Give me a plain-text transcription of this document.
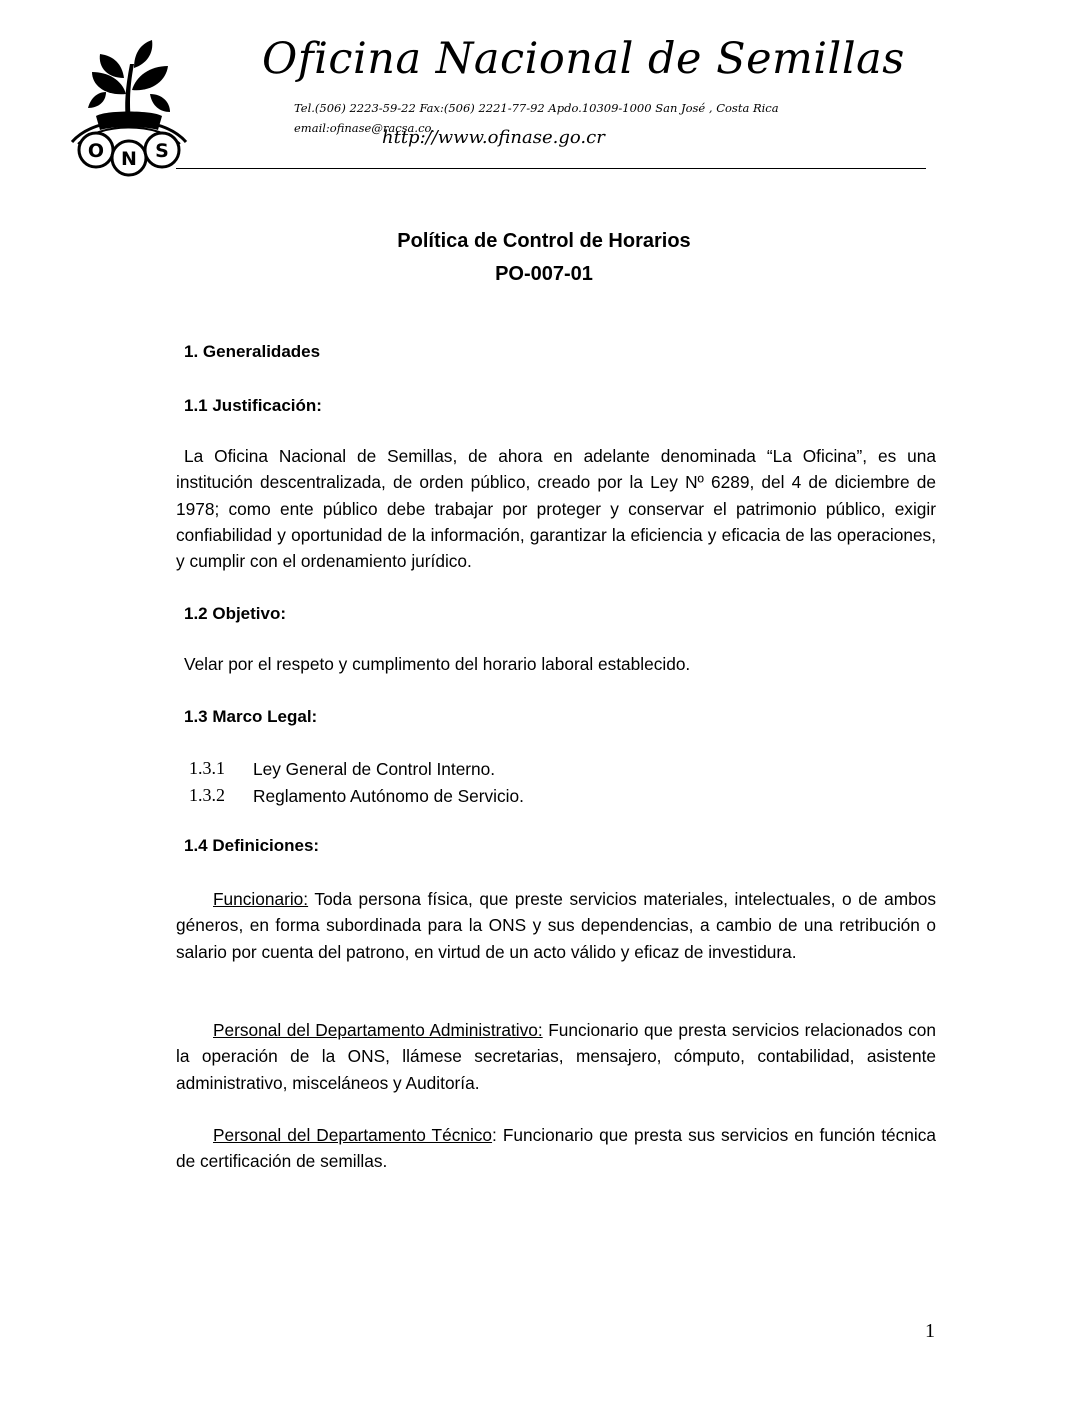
O N S
Oficina Nacional de Semillas
Tel.(506) 2223-59-22 Fax:(506) 2221-77-92 Apdo.10309-1000 San José , Costa Rica
email:ofinase@racsa.co.
http://www.ofinase.go.cr
Política de Control de Horarios
PO-007-01
1. Generalidades
1.1 Justificación:
La Oficina Nacional de Semillas, de ahora en adelante denominada “La Oficina”, es una institución descentralizada, de orden público, creado por la Ley Nº 6289, del 4 de diciembre de 1978; como ente público debe trabajar por proteger y conservar el patrimonio público, exigir confiabilidad y oportunidad de la información, garantizar la eficiencia y eficacia de las operaciones, y cumplir con el ordenamiento jurídico.
1.2 Objetivo:
Velar por el respeto y cumplimento del horario laboral establecido.
1.3 Marco Legal:
1.3.1 Ley General de Control Interno.
1.3.2 Reglamento Autónomo de Servicio.
1.4 Definiciones:
Funcionario: Toda persona física, que preste servicios materiales, intelectuales, o de ambos géneros, en forma subordinada para la ONS y sus dependencias, a cambio de una retribución o salario por cuenta del patrono, en virtud de un acto válido y eficaz de investidura.
Personal del Departamento Administrativo: Funcionario que presta servicios relacionados con la operación de la ONS, llámese secretarias, mensajero, cómputo, contabilidad, asistente administrativo, misceláneos y Auditoría.
Personal del Departamento Técnico: Funcionario que presta sus servicios en función técnica de certificación de semillas.
1
